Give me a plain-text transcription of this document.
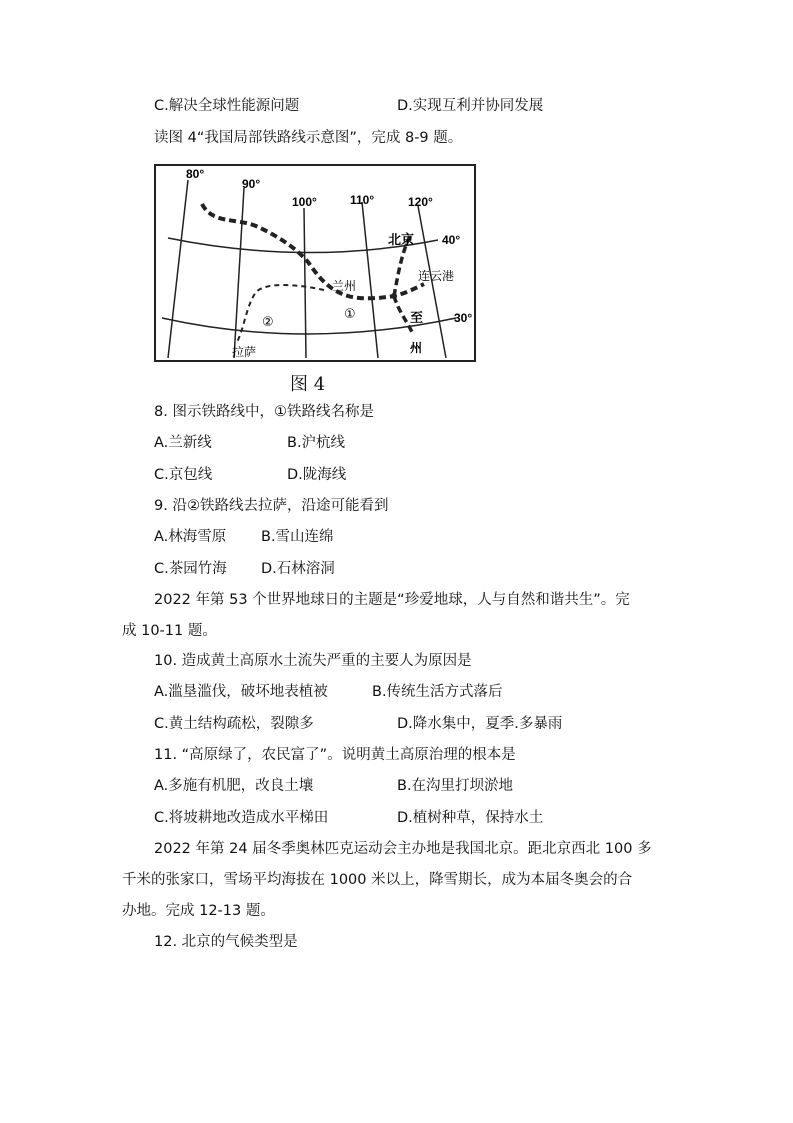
C.解决全球性能源问题	D.实现互利并协同发展
读图 4“我国局部铁路线示意图”，完成 8-9 题。
80°
90°
100°	110°	120°
40°
30°
北京
兰州
连云港
拉萨
至
州
①
②
图 4
8. 图示铁路线中，①铁路线名称是
A.兰新线	B.沪杭线
C.京包线	D.陇海线
9. 沿②铁路线去拉萨，沿途可能看到
A.林海雪原 B.雪山连绵
C.茶园竹海 D.石林溶洞
2022 年第 53 个世界地球日的主题是“珍爱地球，人与自然和谐共生”。完
成 10-11 题。
10. 造成黄土高原水土流失严重的主要人为原因是
A.滥垦滥伐，破坏地表植被	B.传统生活方式落后
C.黄土结构疏松，裂隙多	D.降水集中，夏季.多暴雨
11. “高原绿了，农民富了”。说明黄土高原治理的根本是
A.多施有机肥，改良土壤	B.在沟里打坝淤地
C.将坡耕地改造成水平梯田	D.植树种草，保持水土
2022 年第 24 届冬季奥林匹克运动会主办地是我国北京。距北京西北 100 多
千米的张家口，雪场平均海拔在 1000 米以上，降雪期长，成为本届冬奥会的合
办地。完成 12-13 题。
12. 北京的气候类型是
